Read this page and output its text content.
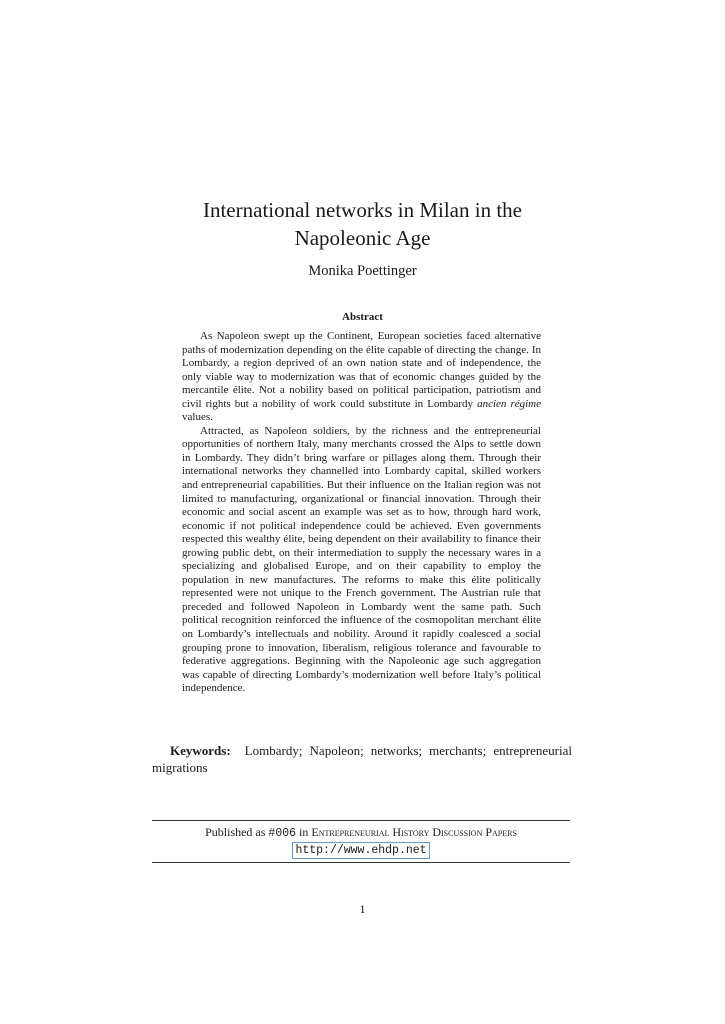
International networks in Milan in the
Napoleonic Age
Monika Poettinger
Abstract

As Napoleon swept up the Continent, European societies faced alternative paths of modernization depending on the élite capable of directing the change. In Lombardy, a region deprived of an own nation state and of independence, the only viable way to modernization was that of economic changes guided by the mercantile élite. Not a nobility based on political participation, patriotism and civil rights but a nobility of work could substitute in Lombardy ancien régime values.

Attracted, as Napoleon soldiers, by the richness and the entrepreneurial opportunities of northern Italy, many merchants crossed the Alps to settle down in Lombardy. They didn’t bring warfare or pillages along them. Through their international networks they channelled into Lombardy capital, skilled workers and entrepreneurial capabilities. But their influence on the Italian region was not limited to manufacturing, organizational or financial innovation. Through their economic and social ascent an example was set as to how, through hard work, economic if not political independence could be achieved. Even governments respected this wealthy élite, being dependent on their availability to finance their growing public debt, on their intermediation to supply the necessary wares in a specializing and globalised Europe, and on their capability to employ the population in new manufactures. The reforms to make this élite politically represented were not unique to the French government. The Austrian rule that preceded and followed Napoleon in Lombardy went the same path. Such political recognition reinforced the influence of the cosmopolitan merchant élite on Lombardy’s intellectuals and nobility. Around it rapidly coalesced a social grouping prone to innovation, liberalism, religious tolerance and favourable to federative aggregations. Beginning with the Napoleonic age such aggregation was capable of directing Lombardy’s modernization well before Italy’s political independence.

Keywords: Lombardy; Napoleon; networks; merchants; entrepreneurial migrations
Published as #006 in Entrepreneurial History Discussion Papers
http://www.ehdp.net
1
